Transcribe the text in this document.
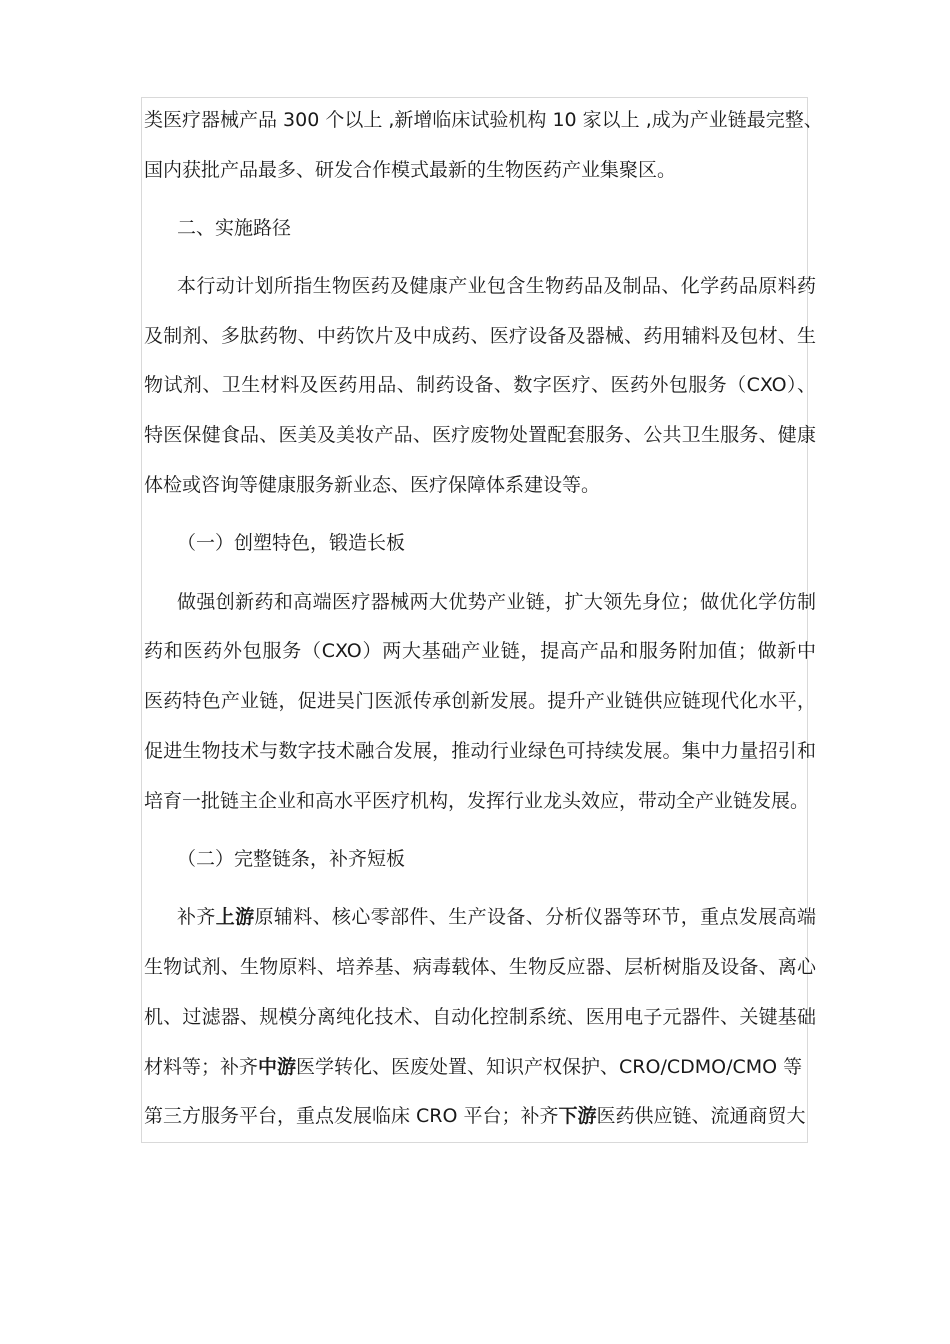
类医疗器械产品 300 个以上 ,新增临床试验机构 10 家以上 ,成为产业链最完整、
国内获批产品最多、研发合作模式最新的生物医药产业集聚区。
二、实施路径
本行动计划所指生物医药及健康产业包含生物药品及制品、化学药品原料药
及制剂、多肽药物、中药饮片及中成药、医疗设备及器械、药用辅料及包材、生
物试剂、卫生材料及医药用品、制药设备、数字医疗、医药外包服务（CXO）、
特医保健食品、医美及美妆产品、医疗废物处置配套服务、公共卫生服务、健康
体检或咨询等健康服务新业态、医疗保障体系建设等。
（一）创塑特色，锻造长板
做强创新药和高端医疗器械两大优势产业链，扩大领先身位；做优化学仿制
药和医药外包服务（CXO）两大基础产业链，提高产品和服务附加值；做新中
医药特色产业链，促进吴门医派传承创新发展。提升产业链供应链现代化水平，
促进生物技术与数字技术融合发展，推动行业绿色可持续发展。集中力量招引和
培育一批链主企业和高水平医疗机构，发挥行业龙头效应，带动全产业链发展。
（二）完整链条，补齐短板
补齐上游原辅料、核心零部件、生产设备、分析仪器等环节，重点发展高端
生物试剂、生物原料、培养基、病毒载体、生物反应器、层析树脂及设备、离心
机、过滤器、规模分离纯化技术、自动化控制系统、医用电子元器件、关键基础
材料等；补齐中游医学转化、医废处置、知识产权保护、CRO/CDMO/CMO 等
第三方服务平台，重点发展临床 CRO 平台；补齐下游医药供应链、流通商贸大
